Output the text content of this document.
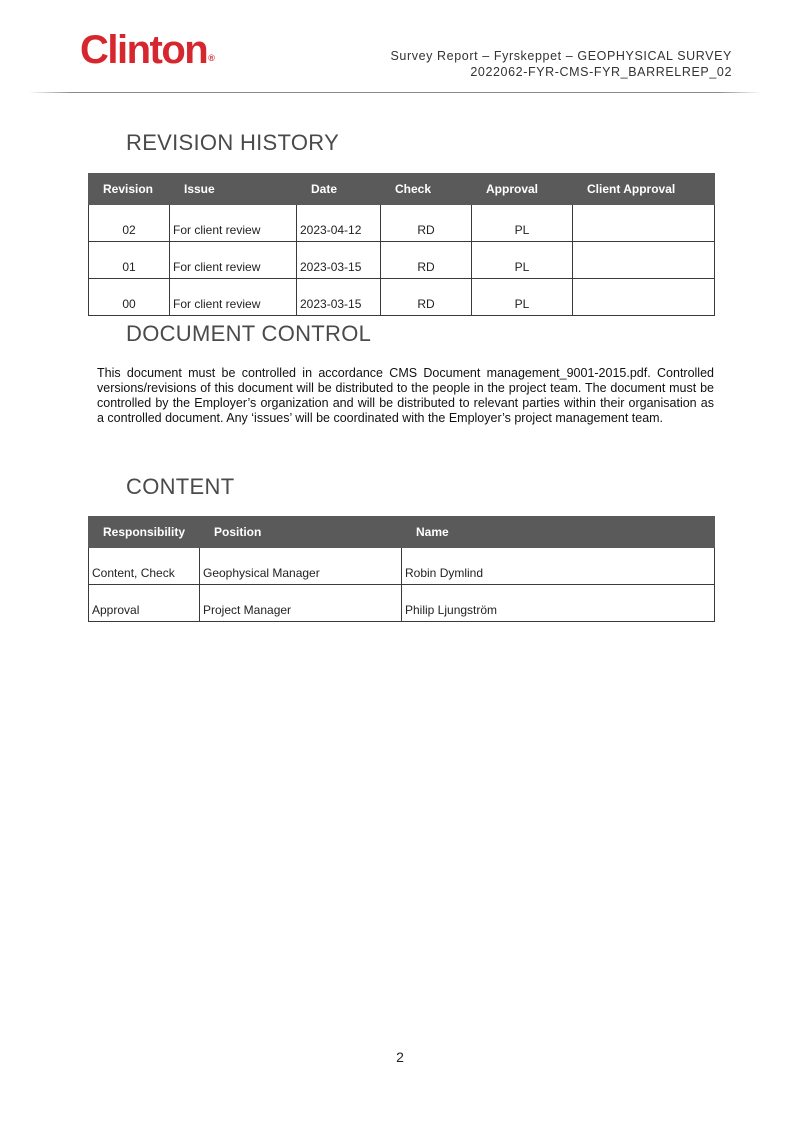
Clinton®	Survey Report – Fyrskeppet – GEOPHYSICAL SURVEY
2022062-FYR-CMS-FYR_BARRELREP_02
REVISION HISTORY
Revision	Issue	Date	Check	Approval	Client Approval
02	For client review	2023-04-12	RD	PL	
01	For client review	2023-03-15	RD	PL	
00	For client review	2023-03-15	RD	PL	
DOCUMENT CONTROL

This document must be controlled in accordance CMS Document management_9001-2015.pdf. Controlled versions/revisions of this document will be distributed to the people in the project team. The document must be controlled by the Employer’s organization and will be distributed to relevant parties within their organisation as a controlled document. Any ‘issues’ will be coordinated with the Employer’s project management team.

CONTENT
Responsibility	Position	Name
Content, Check	Geophysical Manager	Robin Dymlind
Approval	Project Manager	Philip Ljungström
2
